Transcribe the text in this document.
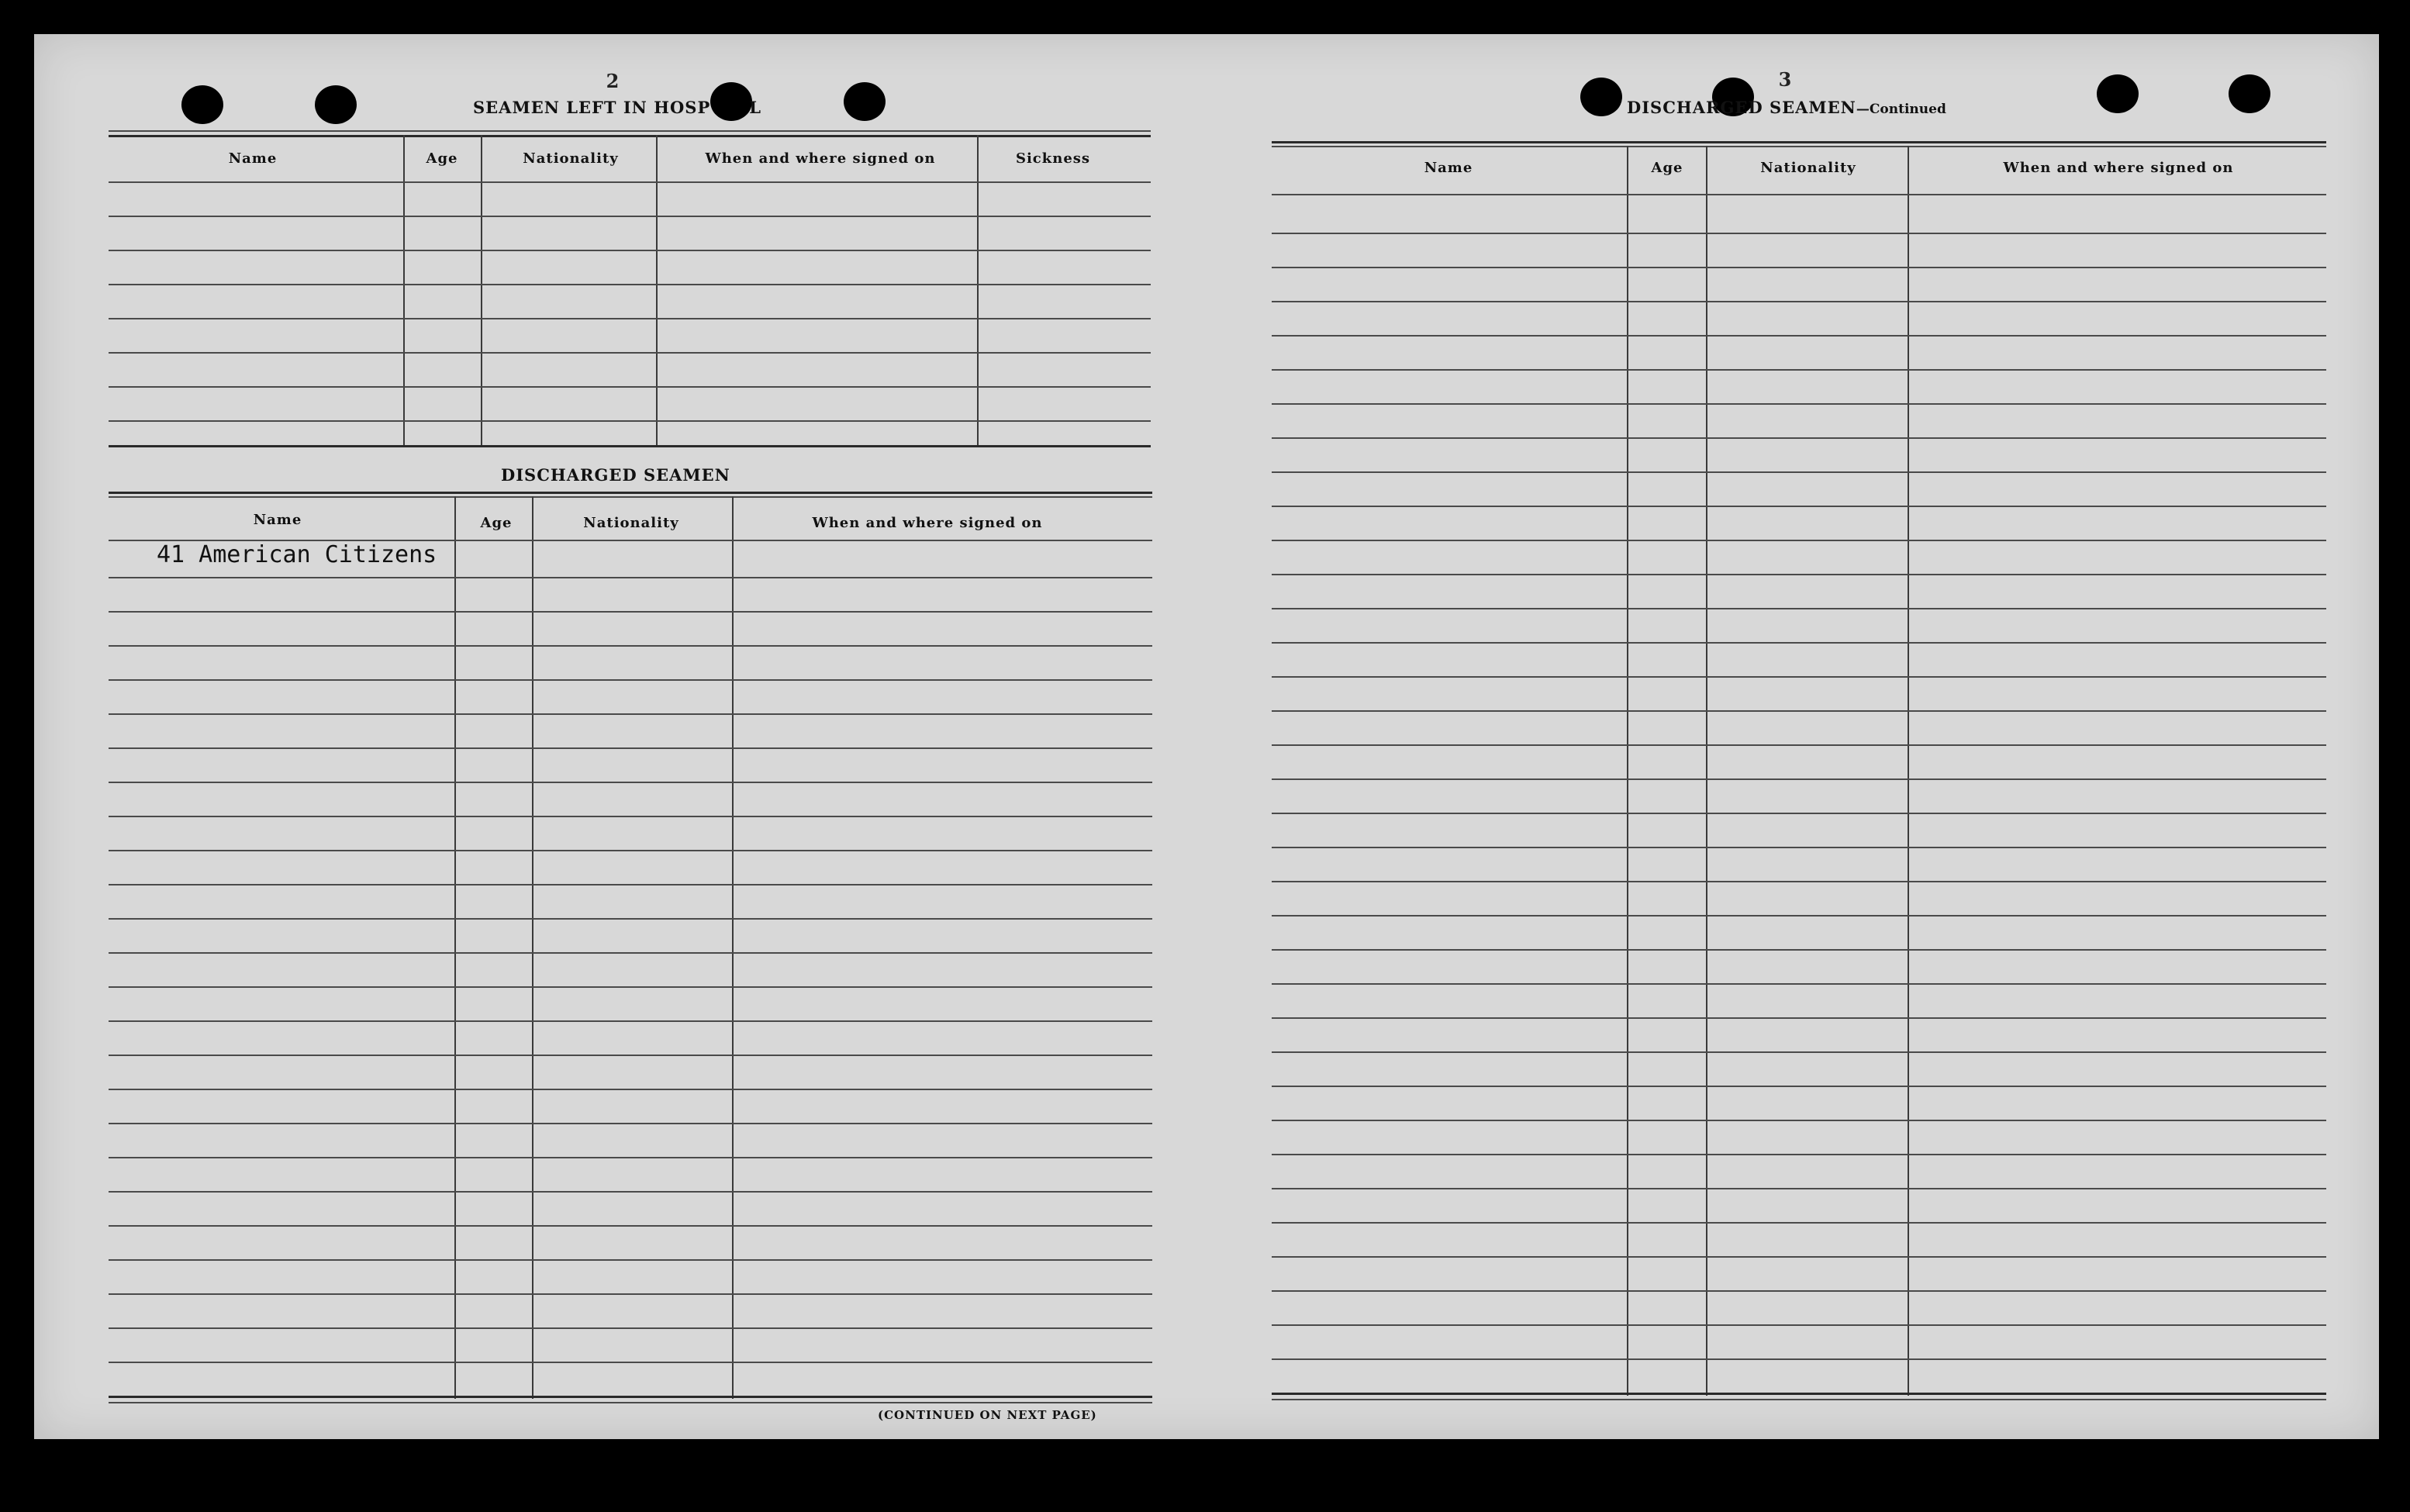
2
SEAMEN LEFT IN HOSP L
Name	Age	Nationality	When and where signed on	Sickness
DISCHARGED SEAMEN
Name	Age	Nationality	When and where signed on
41 American Citizens
(CONTINUED ON NEXT PAGE)
3
DISCHARGED SEAMEN—Continued
Name	Age	Nationality	When and where signed on
